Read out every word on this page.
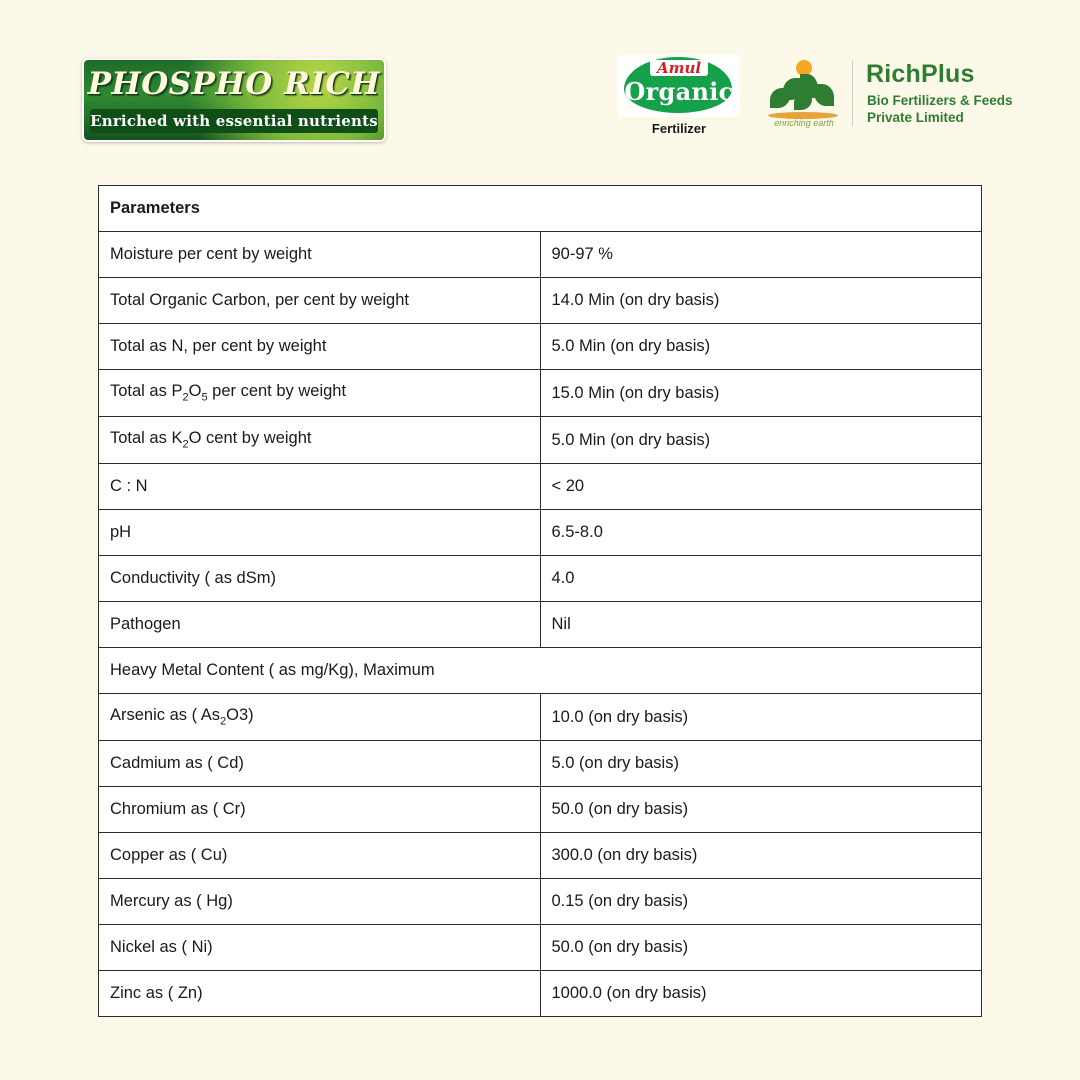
PHOSPHO RICH
Enriched with essential nutrients
Amul
Organic
Fertilizer	enriching earth
RichPlus
Bio Fertilizers & Feeds Private Limited
Parameters	
Moisture per cent by weight	90-97 %
Total Organic Carbon, per cent by weight	14.0 Min (on dry basis)
Total as N, per cent by weight	5.0 Min (on dry basis)
Total as $P_2O_5$ per cent by weight	15.0 Min (on dry basis)
Total as $K_2O$ cent by weight	5.0 Min (on dry basis)
C : N	< 20
pH	6.5-8.0
Conductivity ( as dSm)	4.0
Pathogen	Nil
Heavy Metal Content ( as mg/Kg), Maximum	
Arsenic as ( $As_2O3$)	10.0 (on dry basis)
Cadmium as ( Cd)	5.0 (on dry basis)
Chromium as ( Cr)	50.0 (on dry basis)
Copper as ( Cu)	300.0 (on dry basis)
Mercury as ( Hg)	0.15 (on dry basis)
Nickel as ( Ni)	50.0 (on dry basis)
Zinc as ( Zn)	1000.0 (on dry basis)
